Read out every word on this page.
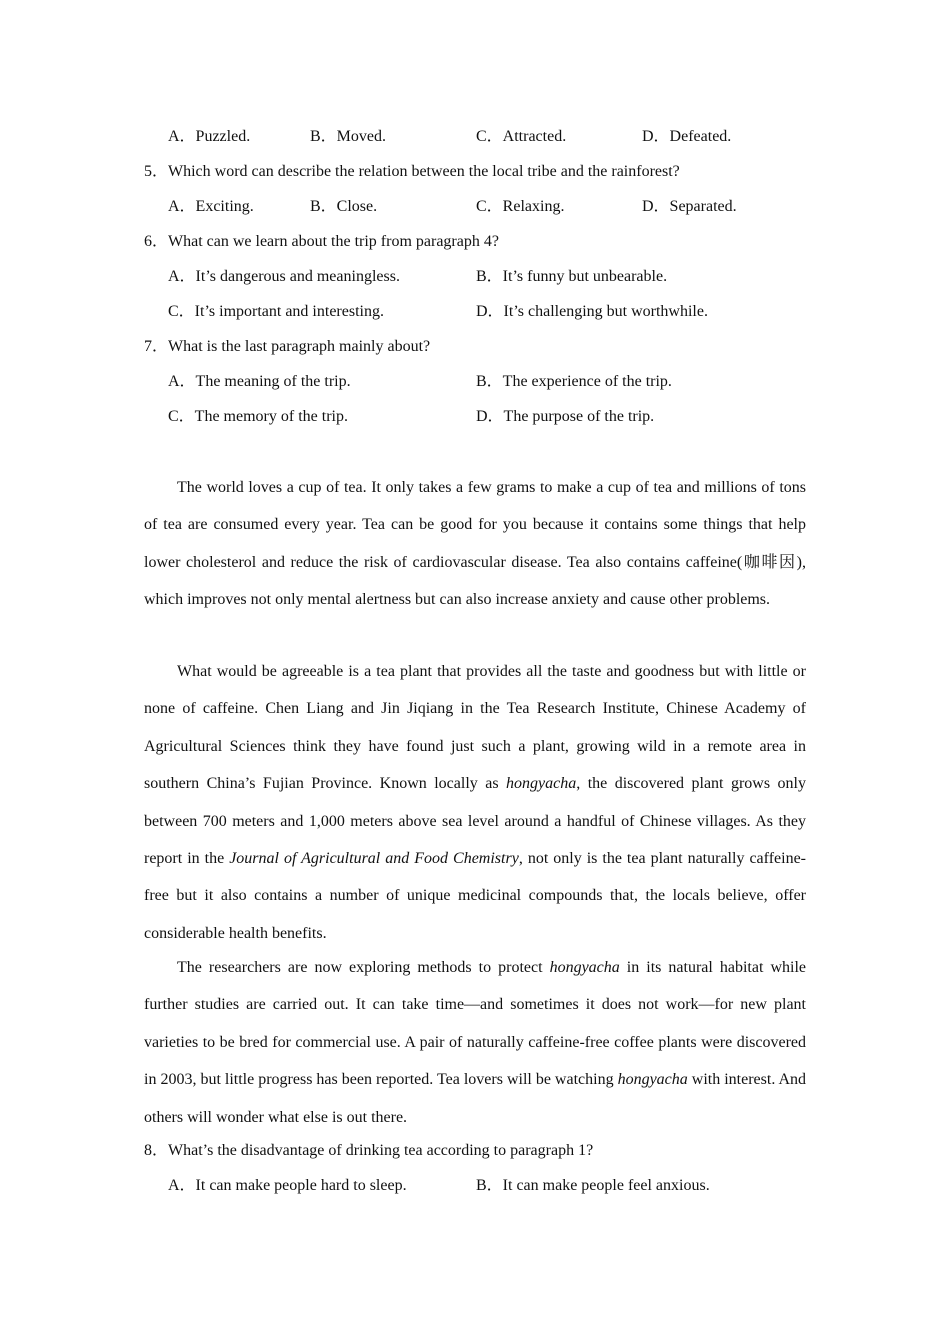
A．Puzzled.	B．Moved.	C．Attracted.	D．Defeated.
5．Which word can describe the relation between the local tribe and the rainforest?
A．Exciting.	B．Close.	C．Relaxing.	D．Separated.
6．What can we learn about the trip from paragraph 4?
A．It’s dangerous and meaningless.	B．It’s funny but unbearable.
C．It’s important and interesting.	D．It’s challenging but worthwhile.
7．What is the last paragraph mainly about?
A．The meaning of the trip.	B．The experience of the trip.
C．The memory of the trip.	D．The purpose of the trip.

The world loves a cup of tea. It only takes a few grams to make a cup of tea and millions of tons of tea are consumed every year. Tea can be good for you because it contains some things that help lower cholesterol and reduce the risk of cardiovascular disease. Tea also contains caffeine(咖啡因), which improves not only mental alertness but can also increase anxiety and cause other problems.

What would be agreeable is a tea plant that provides all the taste and goodness but with little or none of caffeine. Chen Liang and Jin Jiqiang in the Tea Research Institute, Chinese Academy of Agricultural Sciences think they have found just such a plant, growing wild in a remote area in southern China’s Fujian Province. Known locally as hongyacha, the discovered plant grows only between 700 meters and 1,000 meters above sea level around a handful of Chinese villages. As they report in the Journal of Agricultural and Food Chemistry, not only is the tea plant naturally caffeine-free but it also contains a number of unique medicinal compounds that, the locals believe, offer considerable health benefits.

The researchers are now exploring methods to protect hongyacha in its natural habitat while further studies are carried out. It can take time—and sometimes it does not work—for new plant varieties to be bred for commercial use. A pair of naturally caffeine-free coffee plants were discovered in 2003, but little progress has been reported. Tea lovers will be watching hongyacha with interest. And others will wonder what else is out there.

8．What’s the disadvantage of drinking tea according to paragraph 1?
A．It can make people hard to sleep.	B．It can make people feel anxious.
